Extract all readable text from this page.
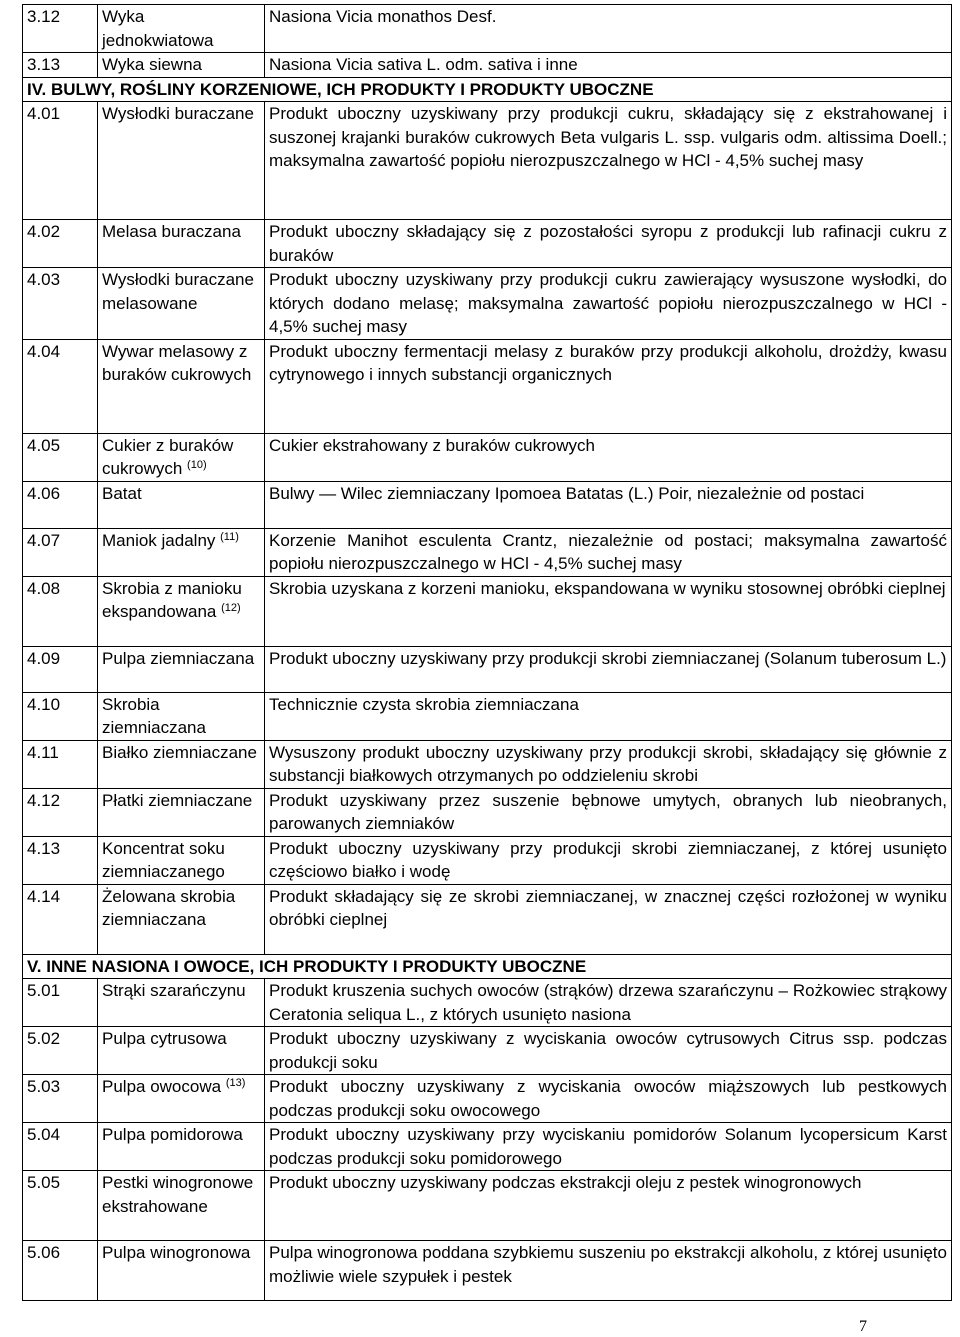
3.12	Wyka jednokwiatowa	Nasiona Vicia monathos Desf.
3.13	Wyka siewna	Nasiona Vicia sativa L. odm. sativa i inne
IV. BULWY, ROŚLINY KORZENIOWE, ICH PRODUKTY I PRODUKTY UBOCZNE		
4.01	Wysłodki buraczane	Produkt uboczny uzyskiwany przy produkcji cukru, składający się z ekstrahowanej i suszonej krajanki buraków cukrowych Beta vulgaris L. ssp. vulgaris odm. altissima Doell.; maksymalna zawartość popiołu nierozpuszczalnego w HCl - 4,5% suchej masy
4.02	Melasa buraczana	Produkt uboczny składający się z pozostałości syropu z produkcji lub rafinacji cukru z buraków
4.03	Wysłodki buraczane melasowane	Produkt uboczny uzyskiwany przy produkcji cukru zawierający wysuszone wysłodki, do których dodano melasę; maksymalna zawartość popiołu nierozpuszczalnego w HCl - 4,5% suchej masy
4.04	Wywar melasowy z buraków cukrowych	Produkt uboczny fermentacji melasy z buraków przy produkcji alkoholu, drożdży, kwasu cytrynowego i innych substancji organicznych
4.05	Cukier z buraków cukrowych $^{(10)}$	Cukier ekstrahowany z buraków cukrowych
4.06	Batat	Bulwy — Wilec ziemniaczany Ipomoea Batatas (L.) Poir, niezależnie od postaci
4.07	Maniok jadalny $^{(11)}$	Korzenie Manihot esculenta Crantz, niezależnie od postaci; maksymalna zawartość popiołu nierozpuszczalnego w HCl - 4,5% suchej masy
4.08	Skrobia z manioku ekspandowana $^{(12)}$	Skrobia uzyskana z korzeni manioku, ekspandowana w wyniku stosownej obróbki cieplnej
4.09	Pulpa ziemniaczana	Produkt uboczny uzyskiwany przy produkcji skrobi ziemniaczanej (Solanum tuberosum L.)
4.10	Skrobia ziemniaczana	Technicznie czysta skrobia ziemniaczana
4.11	Białko ziemniaczane	Wysuszony produkt uboczny uzyskiwany przy produkcji skrobi, składający się głównie z substancji białkowych otrzymanych po oddzieleniu skrobi
4.12	Płatki ziemniaczane	Produkt uzyskiwany przez suszenie bębnowe umytych, obranych lub nieobranych, parowanych ziemniaków
4.13	Koncentrat soku ziemniaczanego	Produkt uboczny uzyskiwany przy produkcji skrobi ziemniaczanej, z której usunięto częściowo białko i wodę
4.14	Żelowana skrobia ziemniaczana	Produkt składający się ze skrobi ziemniaczanej, w znacznej części rozłożonej w wyniku obróbki cieplnej
V. INNE NASIONA I OWOCE, ICH PRODUKTY I PRODUKTY UBOCZNE		
5.01	Strąki szarańczynu	Produkt kruszenia suchych owoców (strąków) drzewa szarańczynu – Rożkowiec strąkowy Ceratonia seliqua L., z których usunięto nasiona
5.02	Pulpa cytrusowa	Produkt uboczny uzyskiwany z wyciskania owoców cytrusowych Citrus ssp. podczas produkcji soku
5.03	Pulpa owocowa $^{(13)}$	Produkt uboczny uzyskiwany z wyciskania owoców miąższowych lub pestkowych podczas produkcji soku owocowego
5.04	Pulpa pomidorowa	Produkt uboczny uzyskiwany przy wyciskaniu pomidorów Solanum lycopersicum Karst podczas produkcji soku pomidorowego
5.05	Pestki winogronowe ekstrahowane	Produkt uboczny uzyskiwany podczas ekstrakcji oleju z pestek winogronowych
5.06	Pulpa winogronowa	Pulpa winogronowa poddana szybkiemu suszeniu po ekstrakcji alkoholu, z której usunięto możliwie wiele szypułek i pestek
7
